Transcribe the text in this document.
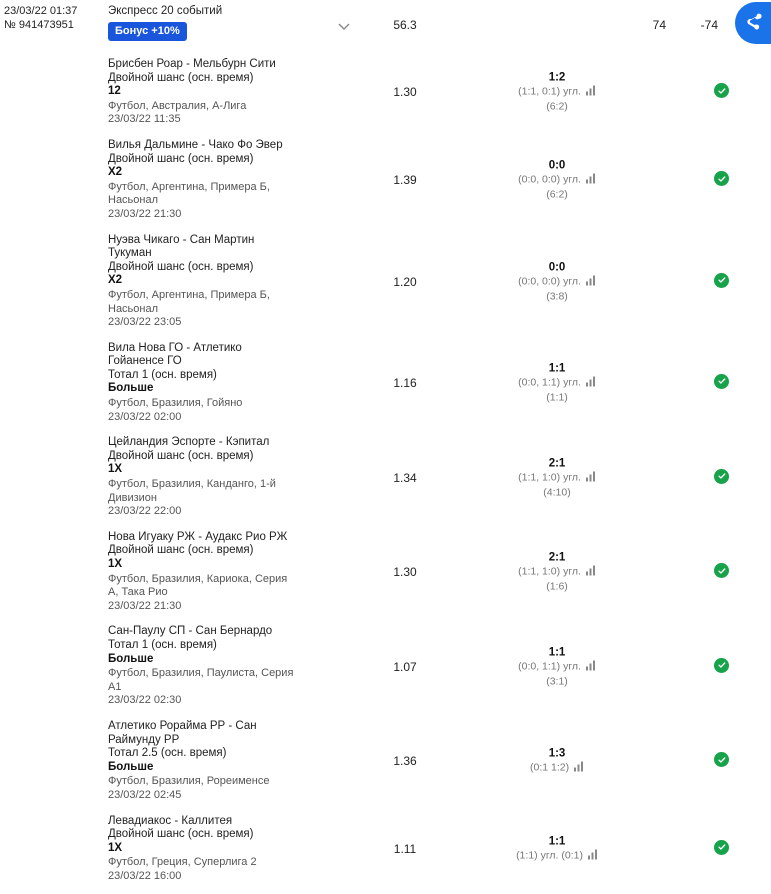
23/03/22 01:37
№ 941473951
Экспресс 20 событий
Бонус +10%	56.3	74	-74
Брисбен Роар - Мельбурн Сити
Двойной шанс (осн. время)
12
Футбол, Австралия, А-Лига
23/03/22 11:35
1.30
1:2
(1:1, 0:1) угл.
(6:2)
Вилья Дальмине - Чако Фо Эвер
Двойной шанс (осн. время)
X2
Футбол, Аргентина, Примера Б, Насьонал
23/03/22 21:30
1.39
0:0
(0:0, 0:0) угл.
(6:2)
Нуэва Чикаго - Сан Мартин Тукуман
Двойной шанс (осн. время)
X2
Футбол, Аргентина, Примера Б, Насьонал
23/03/22 23:05
1.20
0:0
(0:0, 0:0) угл.
(3:8)
Вила Нова ГО - Атлетико Гойаненсе ГО
Тотал 1 (осн. время)
Больше
Футбол, Бразилия, Гойяно
23/03/22 02:00
1.16
1:1
(0:0, 1:1) угл.
(1:1)
Цейландия Эспорте - Кэпитал
Двойной шанс (осн. время)
1X
Футбол, Бразилия, Канданго, 1-й Дивизион
23/03/22 22:00
1.34
2:1
(1:1, 1:0) угл.
(4:10)
Нова Игуаку РЖ - Аудакс Рио РЖ
Двойной шанс (осн. время)
1X
Футбол, Бразилия, Кариока, Серия А, Така Рио
23/03/22 21:30
1.30
2:1
(1:1, 1:0) угл.
(1:6)
Сан-Паулу СП - Сан Бернардо
Тотал 1 (осн. время)
Больше
Футбол, Бразилия, Паулиста, Серия А1
23/03/22 02:30
1.07
1:1
(0:0, 1:1) угл.
(3:1)
Атлетико Рорайма РР - Сан Раймунду РР
Тотал 2.5 (осн. время)
Больше
Футбол, Бразилия, Рореименсе
23/03/22 02:45
1.36
1:3
(0:1 1:2)
Левадиакос - Каллитея
Двойной шанс (осн. время)
1X
Футбол, Греция, Суперлига 2
23/03/22 16:00
1.11
1:1
(1:1) угл. (0:1)
